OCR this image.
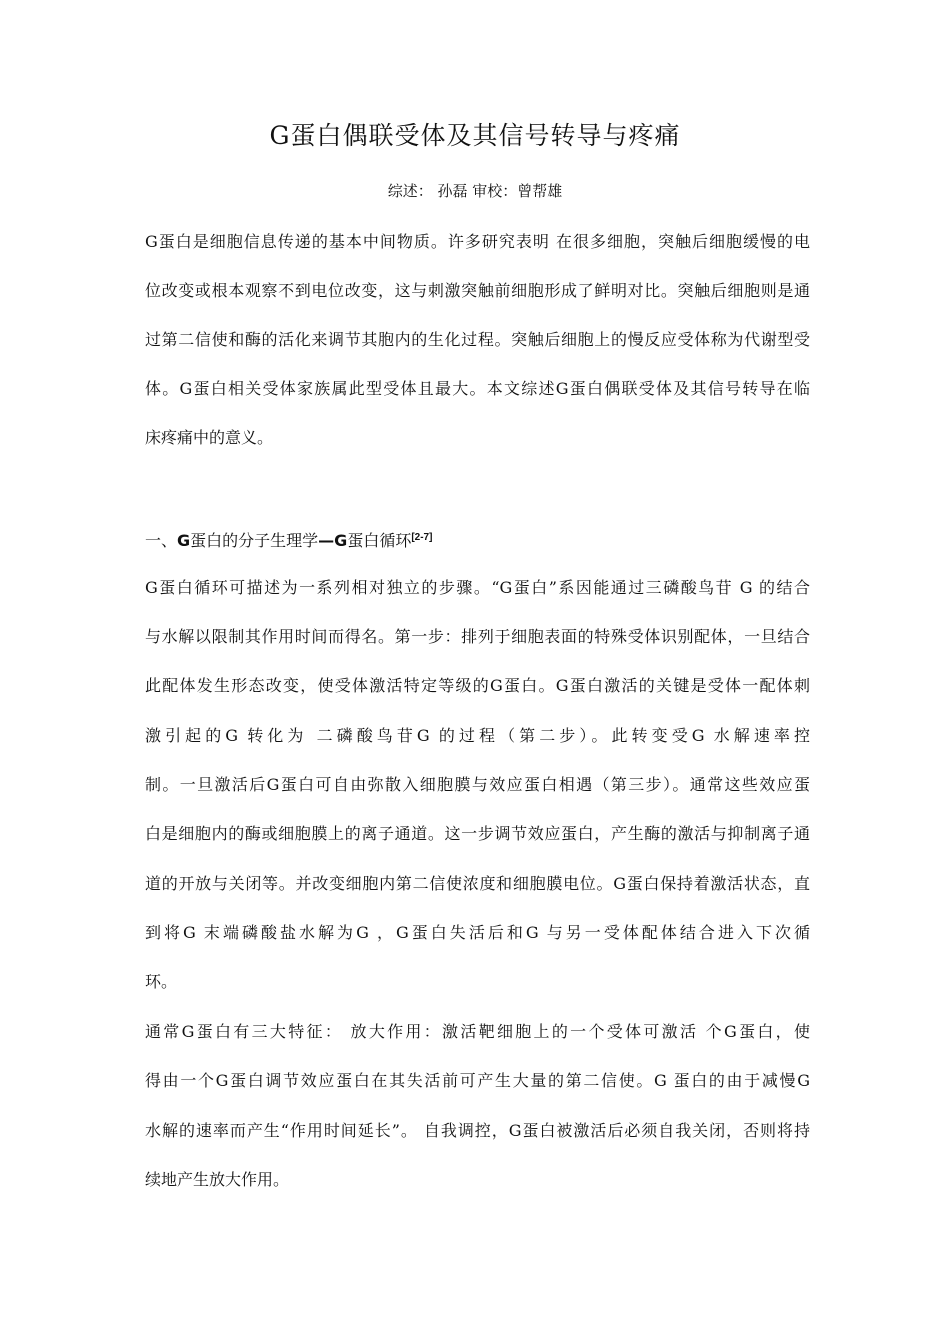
G蛋白偶联受体及其信号转导与疼痛
综述： 孙磊 审校：曾帮雄
G蛋白是细胞信息传递的基本中间物质。许多研究表明 在很多细胞，突触后细胞缓慢的电
位改变或根本观察不到电位改变，这与刺激突触前细胞形成了鲜明对比。突触后细胞则是通
过第二信使和酶的活化来调节其胞内的生化过程。突触后细胞上的慢反应受体称为代谢型受
体。G蛋白相关受体家族属此型受体且最大。本文综述G蛋白偶联受体及其信号转导在临
床疼痛中的意义。
一、G蛋白的分子生理学—G蛋白循环[2-7]
G蛋白循环可描述为一系列相对独立的步骤。“G蛋白”系因能通过三磷酸鸟苷 G 的结合
与水解以限制其作用时间而得名。第一步：排列于细胞表面的特殊受体识别配体，一旦结合
此配体发生形态改变，使受体激活特定等级的G蛋白。G蛋白激活的关键是受体一配体刺
激引起的G 转化为 二磷酸鸟苷G 的过程（第二步）。此转变受G 水解速率控
制。一旦激活后G蛋白可自由弥散入细胞膜与效应蛋白相遇（第三步）。通常这些效应蛋
白是细胞内的酶或细胞膜上的离子通道。这一步调节效应蛋白，产生酶的激活与抑制离子通
道的开放与关闭等。并改变细胞内第二信使浓度和细胞膜电位。G蛋白保持着激活状态，直
到将G 末端磷酸盐水解为G ，G蛋白失活后和G 与另一受体配体结合进入下次循
环。
通常G蛋白有三大特征： 放大作用：激活靶细胞上的一个受体可激活 个G蛋白，使
得由一个G蛋白调节效应蛋白在其失活前可产生大量的第二信使。G 蛋白的由于减慢G
水解的速率而产生“作用时间延长”。 自我调控，G蛋白被激活后必须自我关闭，否则将持
续地产生放大作用。
